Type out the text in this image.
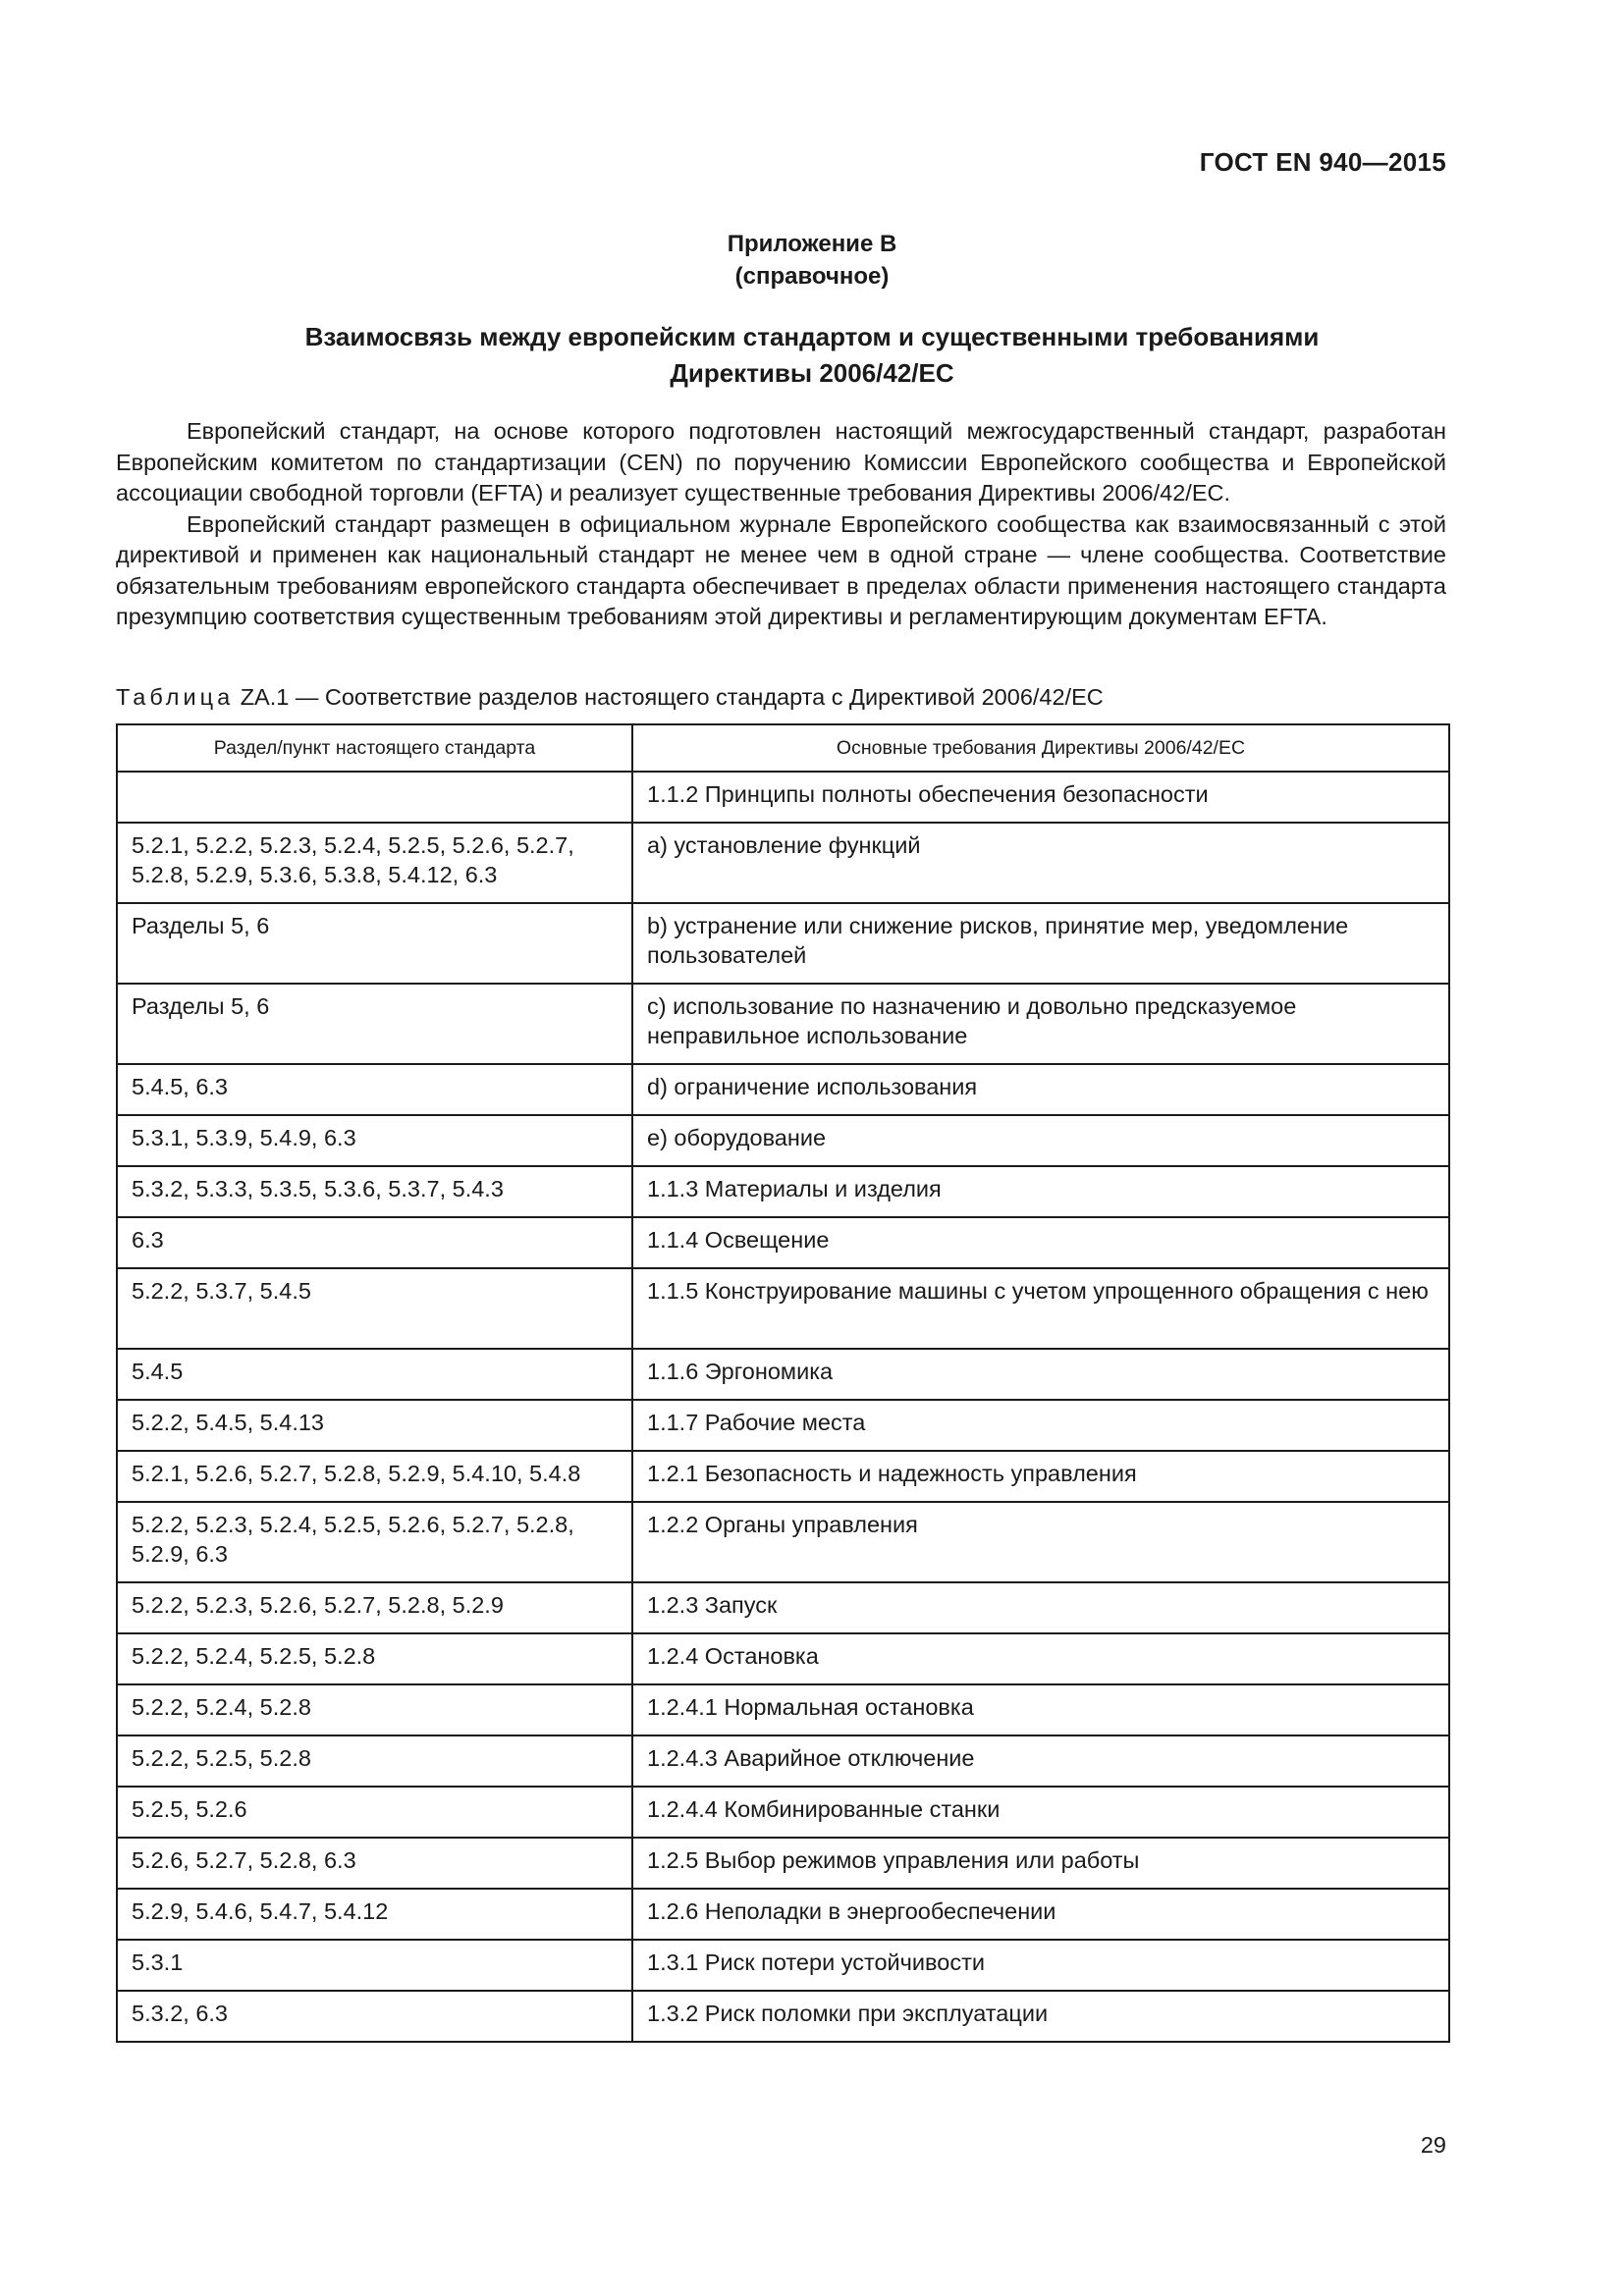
ГОСТ EN 940—2015
Приложение В
(справочное)
Взаимосвязь между европейским стандартом и существенными требованиями
Директивы 2006/42/ЕС

Европейский стандарт, на основе которого подготовлен настоящий межгосударственный стандарт, разработан Европейским комитетом по стандартизации (CEN) по поручению Комиссии Европейского сообщества и Европейской ассоциации свободной торговли (EFTA) и реализует существенные требования Директивы 2006/42/ЕС.

Европейский стандарт размещен в официальном журнале Европейского сообщества как взаимосвязанный с этой директивой и применен как национальный стандарт не менее чем в одной стране — члене сообщества. Соответствие обязательным требованиям европейского стандарта обеспечивает в пределах области применения настоящего стандарта презумпцию соответствия существенным требованиям этой директивы и регламентирующим документам EFTA.

Таблица ZA.1 — Соответствие разделов настоящего стандарта с Директивой 2006/42/ЕС
Раздел/пункт настоящего стандарта	Основные требования Директивы 2006/42/ЕС
	1.1.2 Принципы полноты обеспечения безопасности
5.2.1, 5.2.2, 5.2.3, 5.2.4, 5.2.5, 5.2.6, 5.2.7, 5.2.8, 5.2.9, 5.3.6, 5.3.8, 5.4.12, 6.3	a) установление функций
Разделы 5, 6	b) устранение или снижение рисков, принятие мер, уведомление пользователей
Разделы 5, 6	c) использование по назначению и довольно предсказуемое неправильное использование
5.4.5, 6.3	d) ограничение использования
5.3.1, 5.3.9, 5.4.9, 6.3	e) оборудование
5.3.2, 5.3.3, 5.3.5, 5.3.6, 5.3.7, 5.4.3	1.1.3 Материалы и изделия
6.3	1.1.4 Освещение
5.2.2, 5.3.7, 5.4.5	1.1.5 Конструирование машины с учетом упрощенного обращения с нею
5.4.5	1.1.6 Эргономика
5.2.2, 5.4.5, 5.4.13	1.1.7 Рабочие места
5.2.1, 5.2.6, 5.2.7, 5.2.8, 5.2.9, 5.4.10, 5.4.8	1.2.1 Безопасность и надежность управления
5.2.2, 5.2.3, 5.2.4, 5.2.5, 5.2.6, 5.2.7, 5.2.8, 5.2.9, 6.3	1.2.2 Органы управления
5.2.2, 5.2.3, 5.2.6, 5.2.7, 5.2.8, 5.2.9	1.2.3 Запуск
5.2.2, 5.2.4, 5.2.5, 5.2.8	1.2.4 Остановка
5.2.2, 5.2.4, 5.2.8	1.2.4.1 Нормальная остановка
5.2.2, 5.2.5, 5.2.8	1.2.4.3 Аварийное отключение
5.2.5, 5.2.6	1.2.4.4 Комбинированные станки
5.2.6, 5.2.7, 5.2.8, 6.3	1.2.5 Выбор режимов управления или работы
5.2.9, 5.4.6, 5.4.7, 5.4.12	1.2.6 Неполадки в энергообеспечении
5.3.1	1.3.1 Риск потери устойчивости
5.3.2, 6.3	1.3.2 Риск поломки при эксплуатации
29
